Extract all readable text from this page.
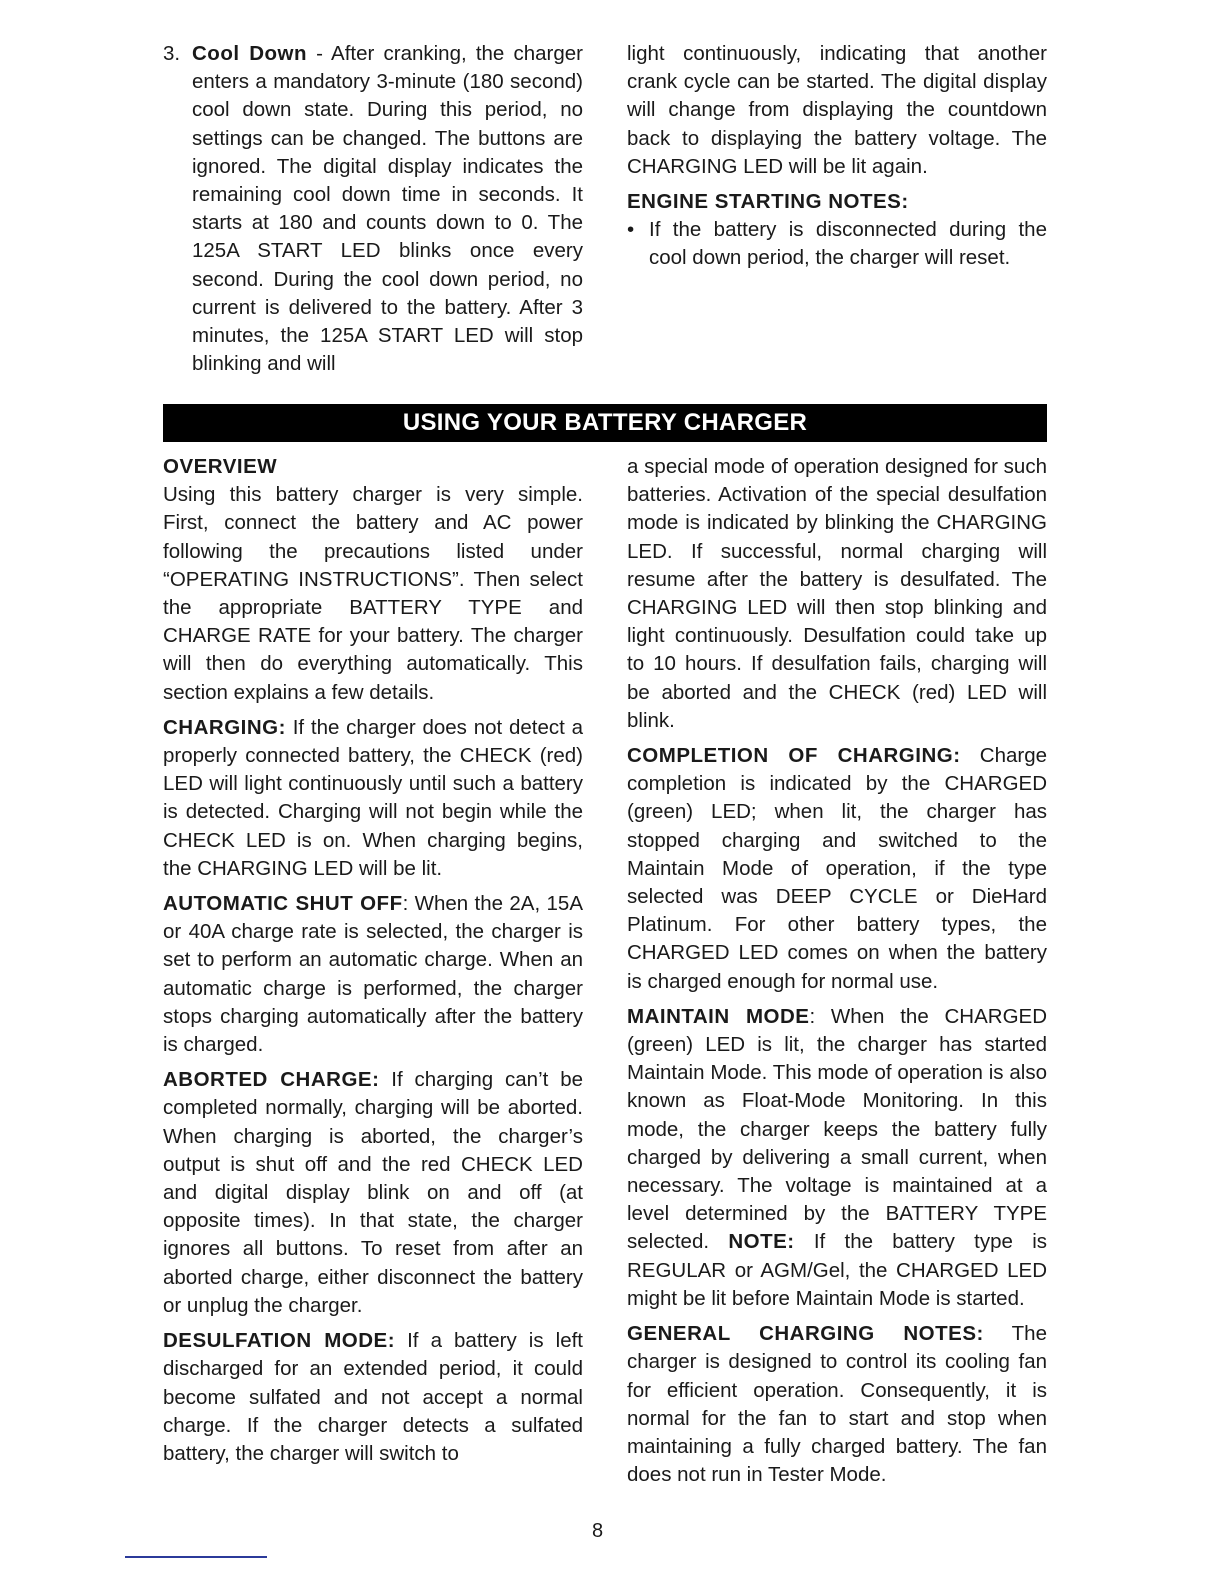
3. Cool Down - After cranking, the charger enters a mandatory 3-minute (180 second) cool down state. During this period, no settings can be changed. The buttons are ignored. The digital display indicates the remaining cool down time in seconds. It starts at 180 and counts down to 0. The 125A START LED blinks once every second. During the cool down period, no current is delivered to the battery. After 3 minutes, the 125A START LED will stop blinking and will

light continuously, indicating that another crank cycle can be started. The digital display will change from displaying the countdown back to displaying the battery voltage. The CHARGING LED will be lit again.

ENGINE STARTING NOTES:
• If the battery is disconnected during the cool down period, the charger will reset.
USING YOUR BATTERY CHARGER
OVERVIEW

Using this battery charger is very simple. First, connect the battery and AC power following the precautions listed under “OPERATING INSTRUCTIONS”. Then select the appropriate BATTERY TYPE and CHARGE RATE for your battery. The charger will then do everything automatically. This section explains a few details.

CHARGING: If the charger does not detect a properly connected battery, the CHECK (red) LED will light continuously until such a battery is detected. Charging will not begin while the CHECK LED is on. When charging begins, the CHARGING LED will be lit.

AUTOMATIC SHUT OFF: When the 2A, 15A or 40A charge rate is selected, the charger is set to perform an automatic charge. When an automatic charge is performed, the charger stops charging automatically after the battery is charged.

ABORTED CHARGE: If charging can’t be completed normally, charging will be aborted. When charging is aborted, the charger’s output is shut off and the red CHECK LED and digital display blink on and off (at opposite times). In that state, the charger ignores all buttons. To reset from after an aborted charge, either disconnect the battery or unplug the charger.

DESULFATION MODE: If a battery is left discharged for an extended period, it could become sulfated and not accept a normal charge. If the charger detects a sulfated battery, the charger will switch to

a special mode of operation designed for such batteries. Activation of the special desulfation mode is indicated by blinking the CHARGING LED. If successful, normal charging will resume after the battery is desulfated. The CHARGING LED will then stop blinking and light continuously. Desulfation could take up to 10 hours. If desulfation fails, charging will be aborted and the CHECK (red) LED will blink.

COMPLETION OF CHARGING: Charge completion is indicated by the CHARGED (green) LED; when lit, the charger has stopped charging and switched to the Maintain Mode of operation, if the type selected was DEEP CYCLE or DieHard Platinum. For other battery types, the CHARGED LED comes on when the battery is charged enough for normal use.

MAINTAIN MODE: When the CHARGED (green) LED is lit, the charger has started Maintain Mode. This mode of operation is also known as Float-Mode Monitoring. In this mode, the charger keeps the battery fully charged by delivering a small current, when necessary. The voltage is maintained at a level determined by the BATTERY TYPE selected. NOTE: If the battery type is REGULAR or AGM/Gel, the CHARGED LED might be lit before Maintain Mode is started.

GENERAL CHARGING NOTES: The charger is designed to control its cooling fan for efficient operation. Consequently, it is normal for the fan to start and stop when maintaining a fully charged battery. The fan does not run in Tester Mode.

8
